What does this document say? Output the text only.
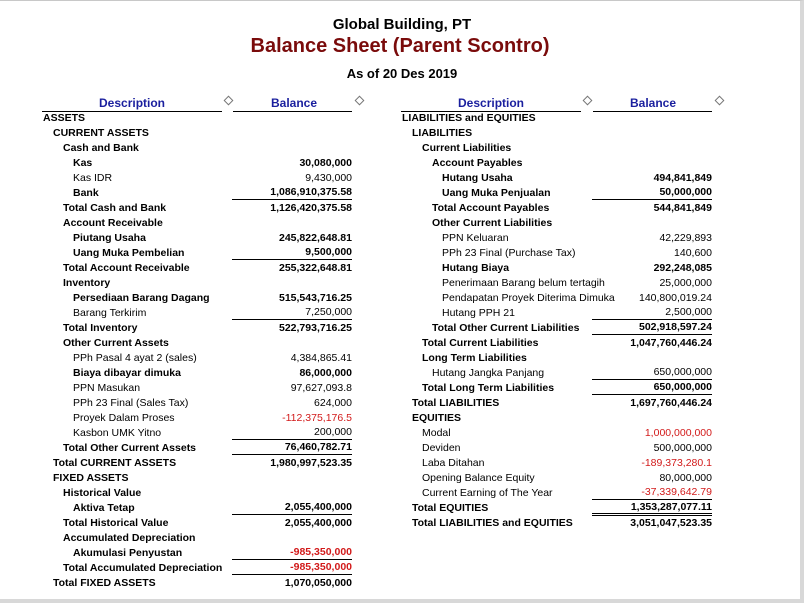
Global Building, PT
Balance Sheet (Parent Scontro)
As of 20 Des 2019
Description	Balance	Description	Balance
ASSETS
CURRENT ASSETS
Cash and Bank
Kas	30,080,000
Kas IDR	9,430,000
Bank	1,086,910,375.58
Total Cash and Bank	1,126,420,375.58
Account Receivable
Piutang Usaha	245,822,648.81
Uang Muka Pembelian	9,500,000
Total Account Receivable	255,322,648.81
Inventory
Persediaan Barang Dagang	515,543,716.25
Barang Terkirim	7,250,000
Total Inventory	522,793,716.25
Other Current Assets
PPh Pasal 4 ayat 2 (sales)	4,384,865.41
Biaya dibayar dimuka	86,000,000
PPN Masukan	97,627,093.8
PPh 23 Final (Sales Tax)	624,000
Proyek Dalam Proses	-112,375,176.5
Kasbon UMK Yitno	200,000
Total Other Current Assets	76,460,782.71
Total CURRENT ASSETS	1,980,997,523.35
FIXED ASSETS
Historical Value
Aktiva Tetap	2,055,400,000
Total Historical Value	2,055,400,000
Accumulated Depreciation
Akumulasi Penyustan	-985,350,000
Total Accumulated Depreciation	-985,350,000
Total FIXED ASSETS	1,070,050,000
LIABILITIES and EQUITIES
LIABILITIES
Current Liabilities
Account Payables
Hutang Usaha	494,841,849
Uang Muka Penjualan	50,000,000
Total Account Payables	544,841,849
Other Current Liabilities
PPN Keluaran	42,229,893
PPh 23 Final (Purchase Tax)	140,600
Hutang Biaya	292,248,085
Penerimaan Barang belum tertagih	25,000,000
Pendapatan Proyek Diterima Dimuka	140,800,019.24
Hutang PPH 21	2,500,000
Total Other Current Liabilities	502,918,597.24
Total Current Liabilities	1,047,760,446.24
Long Term Liabilities
Hutang Jangka Panjang	650,000,000
Total Long Term Liabilities	650,000,000
Total LIABILITIES	1,697,760,446.24
EQUITIES
Modal	1,000,000,000
Deviden	500,000,000
Laba Ditahan	-189,373,280.1
Opening Balance Equity	80,000,000
Current Earning of The Year	-37,339,642.79
Total EQUITIES	1,353,287,077.11
Total LIABILITIES and EQUITIES	3,051,047,523.35
